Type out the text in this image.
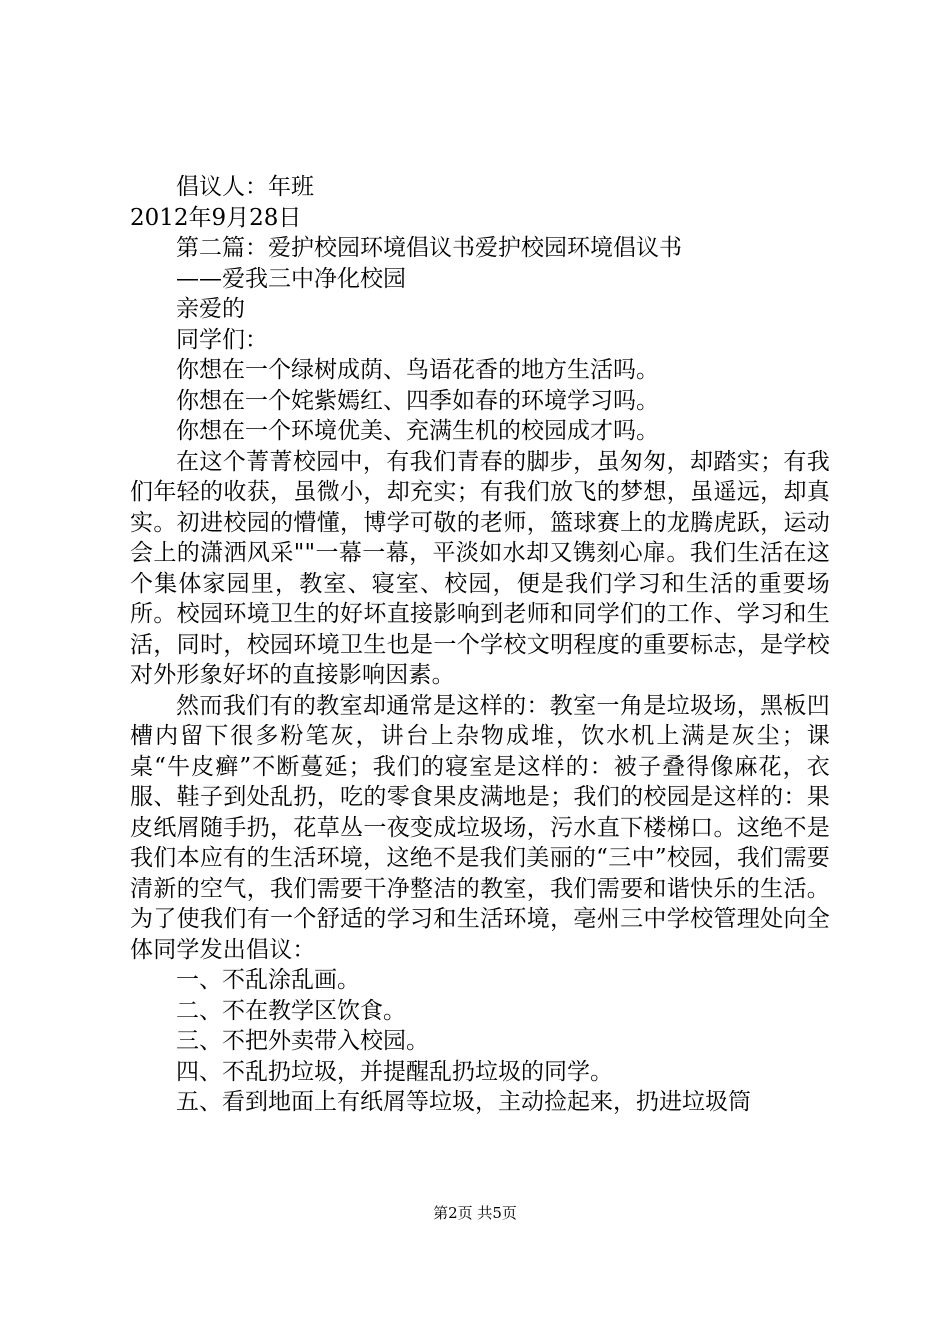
倡议人：年班
2012年9月28日
第二篇：爱护校园环境倡议书爱护校园环境倡议书
——爱我三中净化校园
亲爱的
同学们：
你想在一个绿树成荫、鸟语花香的地方生活吗。
你想在一个姹紫嫣红、四季如春的环境学习吗。
你想在一个环境优美、充满生机的校园成才吗。
在这个菁菁校园中，有我们青春的脚步，虽匆匆，却踏实；有我们年轻的收获，虽微小，却充实；有我们放飞的梦想，虽遥远，却真实。初进校园的懵懂，博学可敬的老师，篮球赛上的龙腾虎跃，运动会上的潇洒风采""一幕一幕，平淡如水却又镌刻心扉。我们生活在这个集体家园里，教室、寝室、校园，便是我们学习和生活的重要场所。校园环境卫生的好坏直接影响到老师和同学们的工作、学习和生活，同时，校园环境卫生也是一个学校文明程度的重要标志，是学校对外形象好坏的直接影响因素。
然而我们有的教室却通常是这样的：教室一角是垃圾场，黑板凹槽内留下很多粉笔灰，讲台上杂物成堆，饮水机上满是灰尘；课桌“牛皮癣”不断蔓延；我们的寝室是这样的：被子叠得像麻花，衣服、鞋子到处乱扔，吃的零食果皮满地是；我们的校园是这样的：果皮纸屑随手扔，花草丛一夜变成垃圾场，污水直下楼梯口。这绝不是我们本应有的生活环境，这绝不是我们美丽的“三中”校园，我们需要清新的空气，我们需要干净整洁的教室，我们需要和谐快乐的生活。为了使我们有一个舒适的学习和生活环境，亳州三中学校管理处向全体同学发出倡议：
一、不乱涂乱画。
二、不在教学区饮食。
三、不把外卖带入校园。
四、不乱扔垃圾，并提醒乱扔垃圾的同学。
五、看到地面上有纸屑等垃圾，主动捡起来，扔进垃圾筒
第2页 共5页
